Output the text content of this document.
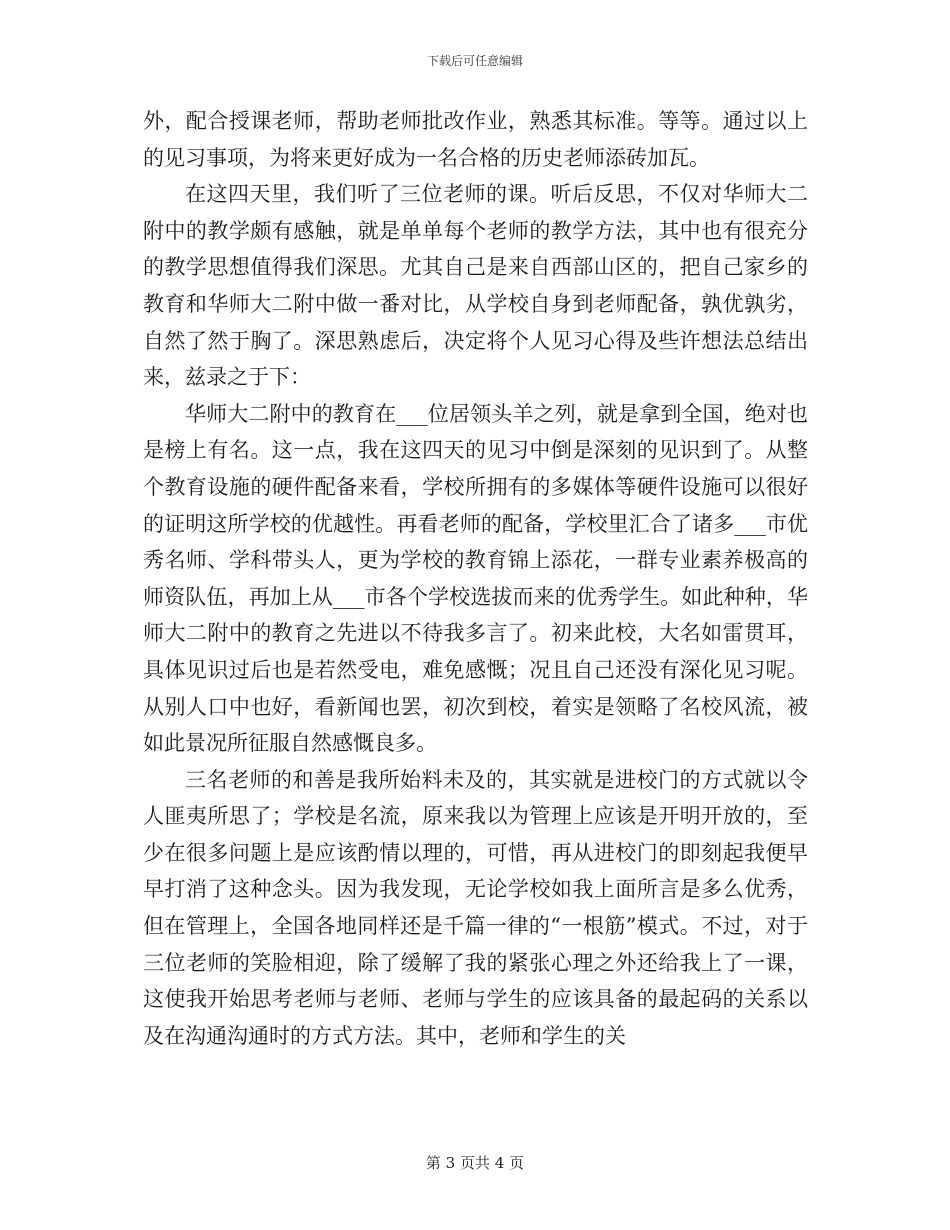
下载后可任意编辑

外，配合授课老师，帮助老师批改作业，熟悉其标准。等等。通过以上的见习事项，为将来更好成为一名合格的历史老师添砖加瓦。

在这四天里，我们听了三位老师的课。听后反思，不仅对华师大二附中的教学颇有感触，就是单单每个老师的教学方法，其中也有很充分的教学思想值得我们深思。尤其自己是来自西部山区的，把自己家乡的教育和华师大二附中做一番对比，从学校自身到老师配备，孰优孰劣，自然了然于胸了。深思熟虑后，决定将个人见习心得及些许想法总结出来，兹录之于下：

华师大二附中的教育在___位居领头羊之列，就是拿到全国，绝对也是榜上有名。这一点，我在这四天的见习中倒是深刻的见识到了。从整个教育设施的硬件配备来看，学校所拥有的多媒体等硬件设施可以很好的证明这所学校的优越性。再看老师的配备，学校里汇合了诸多___市优秀名师、学科带头人，更为学校的教育锦上添花，一群专业素养极高的师资队伍，再加上从___市各个学校选拔而来的优秀学生。如此种种，华师大二附中的教育之先进以不待我多言了。初来此校，大名如雷贯耳，具体见识过后也是若然受电，难免感慨；况且自己还没有深化见习呢。从别人口中也好，看新闻也罢，初次到校，着实是领略了名校风流，被如此景况所征服自然感慨良多。

三名老师的和善是我所始料未及的，其实就是进校门的方式就以令人匪夷所思了；学校是名流，原来我以为管理上应该是开明开放的，至少在很多问题上是应该酌情以理的，可惜，再从进校门的即刻起我便早早打消了这种念头。因为我发现，无论学校如我上面所言是多么优秀，但在管理上，全国各地同样还是千篇一律的“一根筋”模式。不过，对于三位老师的笑脸相迎，除了缓解了我的紧张心理之外还给我上了一课，这使我开始思考老师与老师、老师与学生的应该具备的最起码的关系以及在沟通沟通时的方式方法。其中，老师和学生的关

第 3 页共 4 页
